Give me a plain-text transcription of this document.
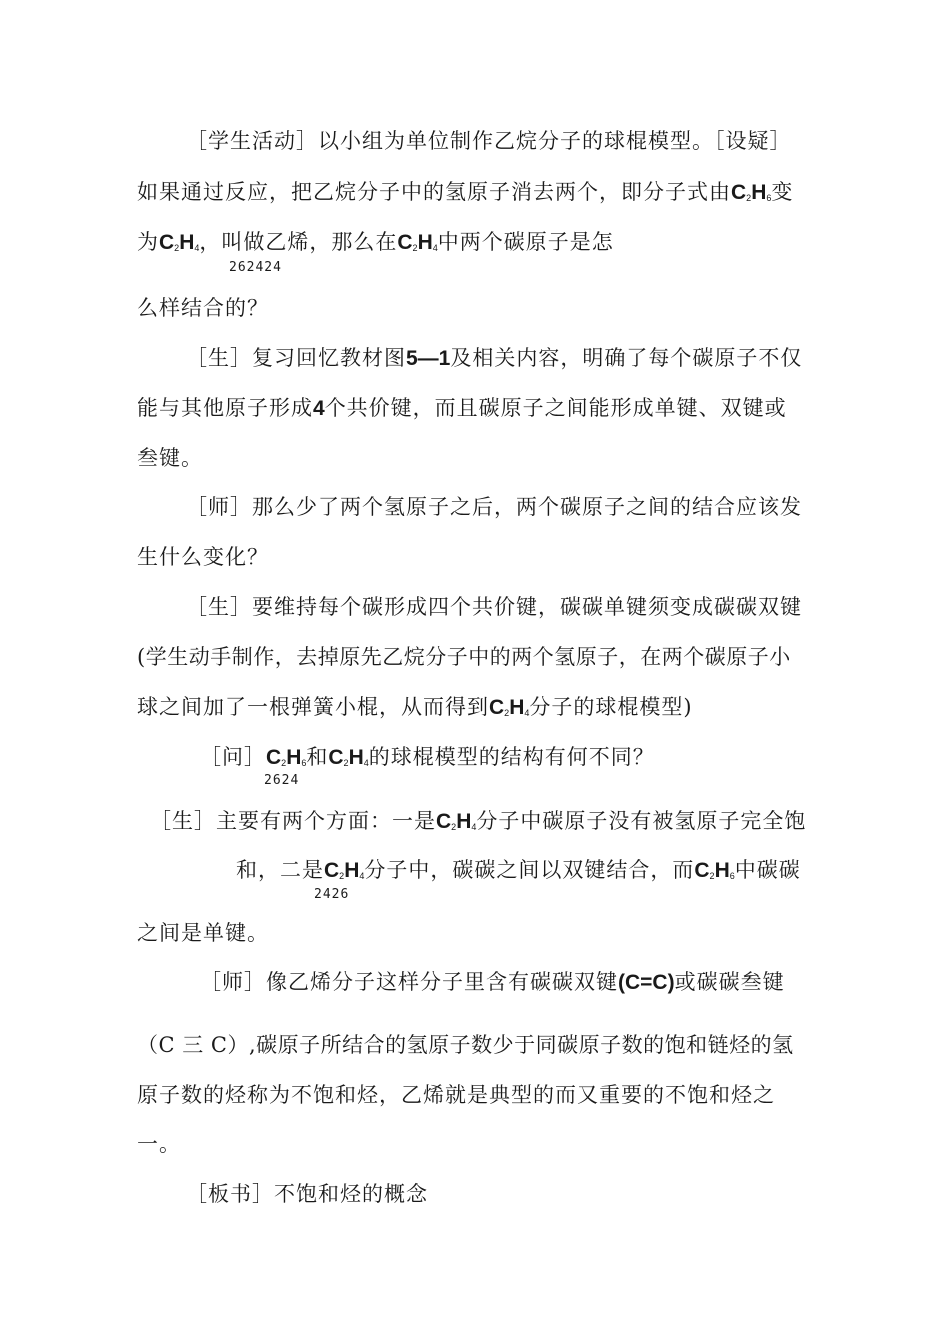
［学生活动］以小组为单位制作乙烷分子的球棍模型。［设疑］
如果通过反应，把乙烷分子中的氢原子消去两个，即分子式由$C_2H_6$变
为$C_2H_4$，叫做乙烯，那么在$C_2H_4$中两个碳原子是怎
262424
么样结合的？
［生］复习回忆教材图5—1及相关内容，明确了每个碳原子不仅
能与其他原子形成4个共价键，而且碳原子之间能形成单键、双键或
叁键。
［师］那么少了两个氢原子之后，两个碳原子之间的结合应该发
生什么变化？
［生］要维持每个碳形成四个共价键，碳碳单键须变成碳碳双键
(学生动手制作，去掉原先乙烷分子中的两个氢原子，在两个碳原子小
球之间加了一根弹簧小棍，从而得到$C_2H_4$分子的球棍模型)
［问$]C_2H_6$和$C_2H_4$的球棍模型的结构有何不同？
2624
［生］主要有两个方面：一是$C_2H_4$分子中碳原子没有被氢原子完全饱
和，二是$C_2H_4$分子中，碳碳之间以双键结合，而$C_2H_6$中碳碳
2426
之间是单键。
［师］像乙烯分子这样分子里含有碳碳双键(C=C)或碳碳叁键
（C 三 C）,碳原子所结合的氢原子数少于同碳原子数的饱和链烃的氢
原子数的烃称为不饱和烃，乙烯就是典型的而又重要的不饱和烃之
一。
［板书］不饱和烃的概念
